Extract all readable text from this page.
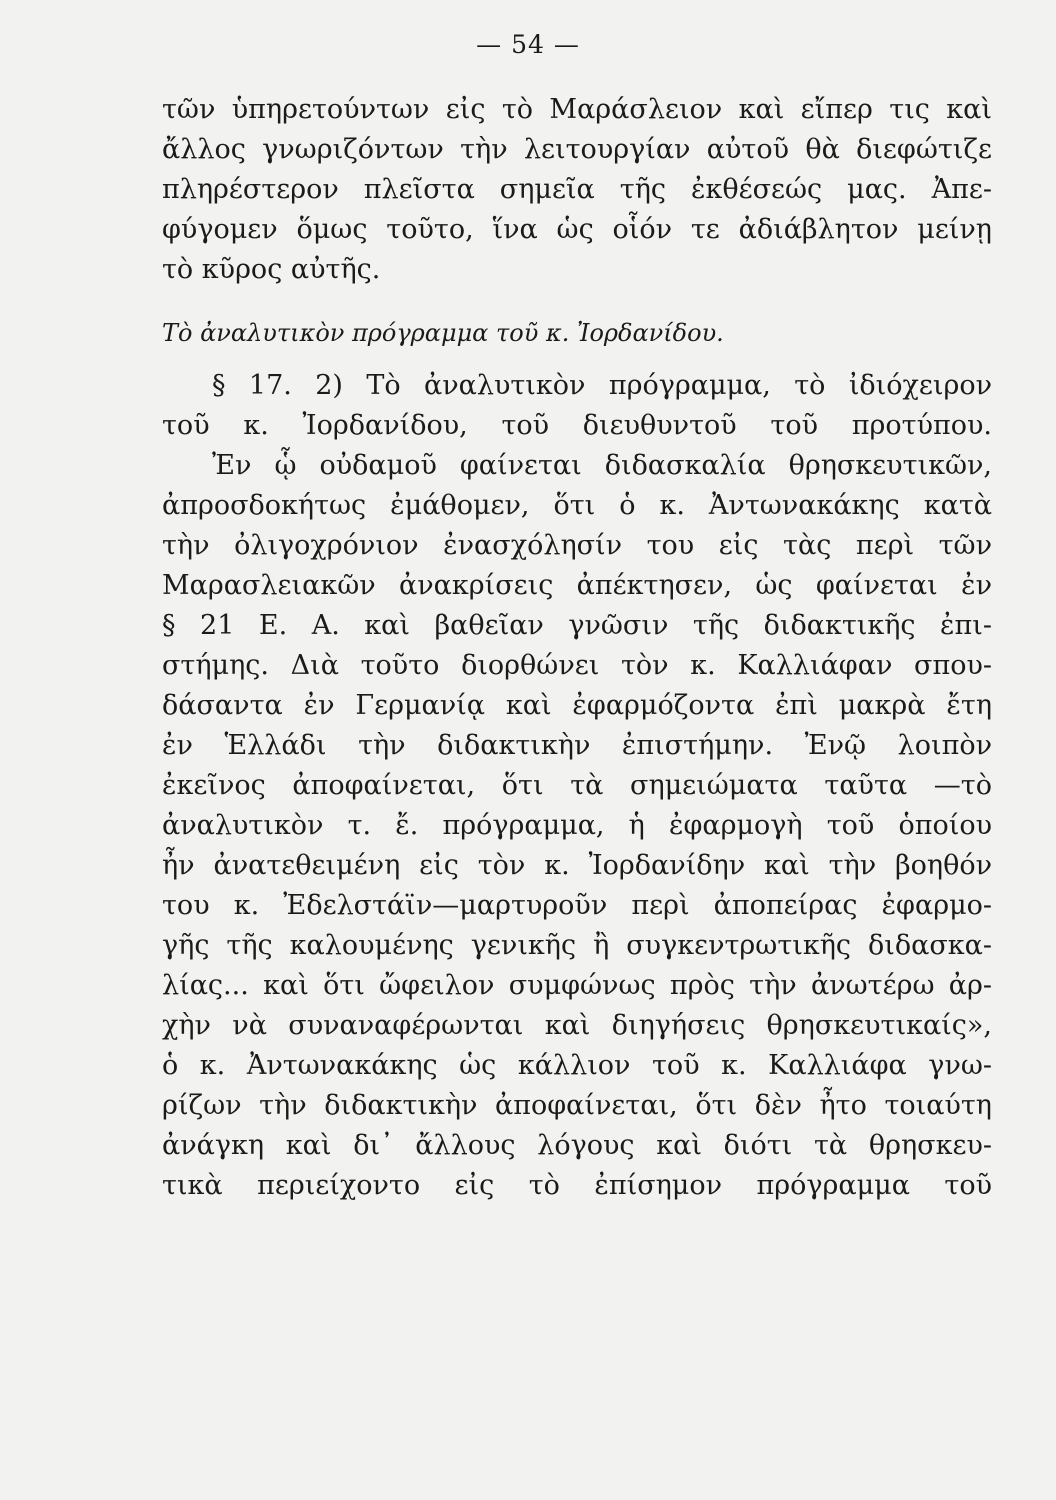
— 54 —
τῶν ὑπηρετούντων εἰς τὸ Μαράσλειον καὶ εἴπερ τις καὶ
ἄλλος γνωριζόντων τὴν λειτουργίαν αὐτοῦ θὰ διεφώτιζε
πληρέστερον πλεῖστα σημεῖα τῆς ἐκθέσεώς μας. Ἀπε-
φύγομεν ὅμως τοῦτο, ἵνα ὡς οἷόν τε ἀδιάβλητον μείνῃ
τὸ κῦρος αὐτῆς.
Τὸ ἀναλυτικὸν πρόγραμμα τοῦ κ. Ἰορδανίδου.
§ 17. 2) Τὸ ἀναλυτικὸν πρόγραμμα, τὸ ἰδιόχειρον
τοῦ κ. Ἰορδανίδου, τοῦ διευθυντοῦ τοῦ προτύπου.
Ἐν ᾧ οὐδαμοῦ φαίνεται διδασκαλία θρησκευτικῶν,
ἀπροσδοκήτως ἐμάθομεν, ὅτι ὁ κ. Ἀντωνακάκης κατὰ
τὴν ὀλιγοχρόνιον ἐνασχόλησίν του εἰς τὰς περὶ τῶν
Μαρασλειακῶν ἀνακρίσεις ἀπέκτησεν, ὡς φαίνεται ἐν
§ 21 Ε. Α. καὶ βαθεῖαν γνῶσιν τῆς διδακτικῆς ἐπι-
στήμης. Διὰ τοῦτο διορθώνει τὸν κ. Καλλιάφαν σπου-
δάσαντα ἐν Γερμανίᾳ καὶ ἐφαρμόζοντα ἐπὶ μακρὰ ἔτη
ἐν Ἑλλάδι τὴν διδακτικὴν ἐπιστήμην. Ἐνῷ λοιπὸν
ἐκεῖνος ἀποφαίνεται, ὅτι τὰ σημειώματα ταῦτα —τὸ
ἀναλυτικὸν τ. ἔ. πρόγραμμα, ἡ ἐφαρμογὴ τοῦ ὁποίου
ἦν ἀνατεθειμένη εἰς τὸν κ. Ἰορδανίδην καὶ τὴν βοηθόν
του κ. Ἐδελστάϊν—μαρτυροῦν περὶ ἀποπείρας ἐφαρμο-
γῆς τῆς καλουμένης γενικῆς ἢ συγκεντρωτικῆς διδασκα-
λίας... καὶ ὅτι ὤφειλον συμφώνως πρὸς τὴν ἀνωτέρω ἀρ-
χὴν νὰ συναναφέρωνται καὶ διηγήσεις θρησκευτικαίς»,
ὁ κ. Ἀντωνακάκης ὡς κάλλιον τοῦ κ. Καλλιάφα γνω-
ρίζων τὴν διδακτικὴν ἀποφαίνεται, ὅτι δὲν ἦτο τοιαύτη
ἀνάγκη καὶ δι᾽ ἄλλους λόγους καὶ διότι τὰ θρησκευ-
τικὰ περιείχοντο εἰς τὸ ἐπίσημον πρόγραμμα τοῦ
